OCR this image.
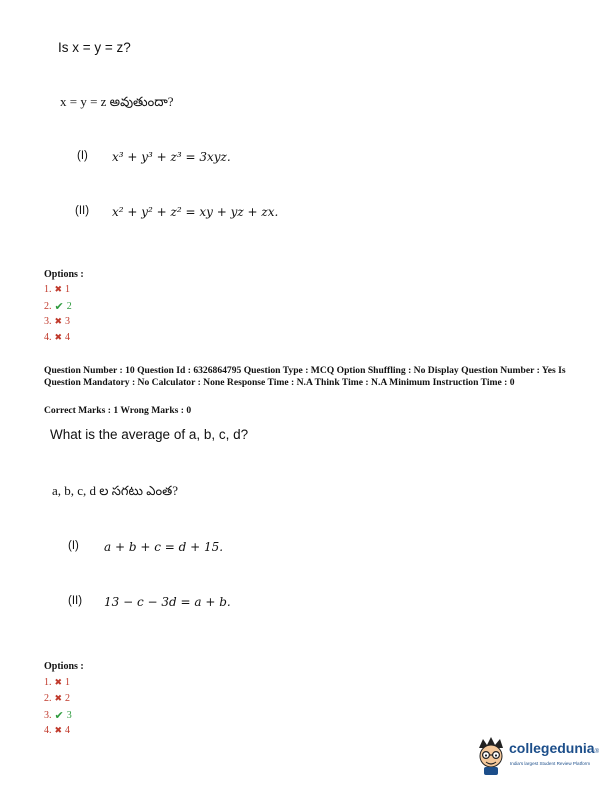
Is x = y = z?
x = y = z అవుతుందా?
(I) x³ + y³ + z³ = 3xyz.
(II) x² + y² + z² = xy + yz + zx.
Options :
1. ✖ 1
2. ✔ 2
3. ✖ 3
4. ✖ 4
Question Number : 10 Question Id : 6326864795 Question Type : MCQ Option Shuffling : No Display Question Number : Yes Is Question Mandatory : No Calculator : None Response Time : N.A Think Time : N.A Minimum Instruction Time : 0
Correct Marks : 1 Wrong Marks : 0
What is the average of a, b, c, d?
a, b, c, d ల సగటు ఎంత?
(I) a + b + c = d + 15.
(II) 13 − c − 3d = a + b.
Options :
1. ✖ 1
2. ✖ 2
3. ✔ 3
4. ✖ 4
collegedunia®
India's largest Student Review Platform
